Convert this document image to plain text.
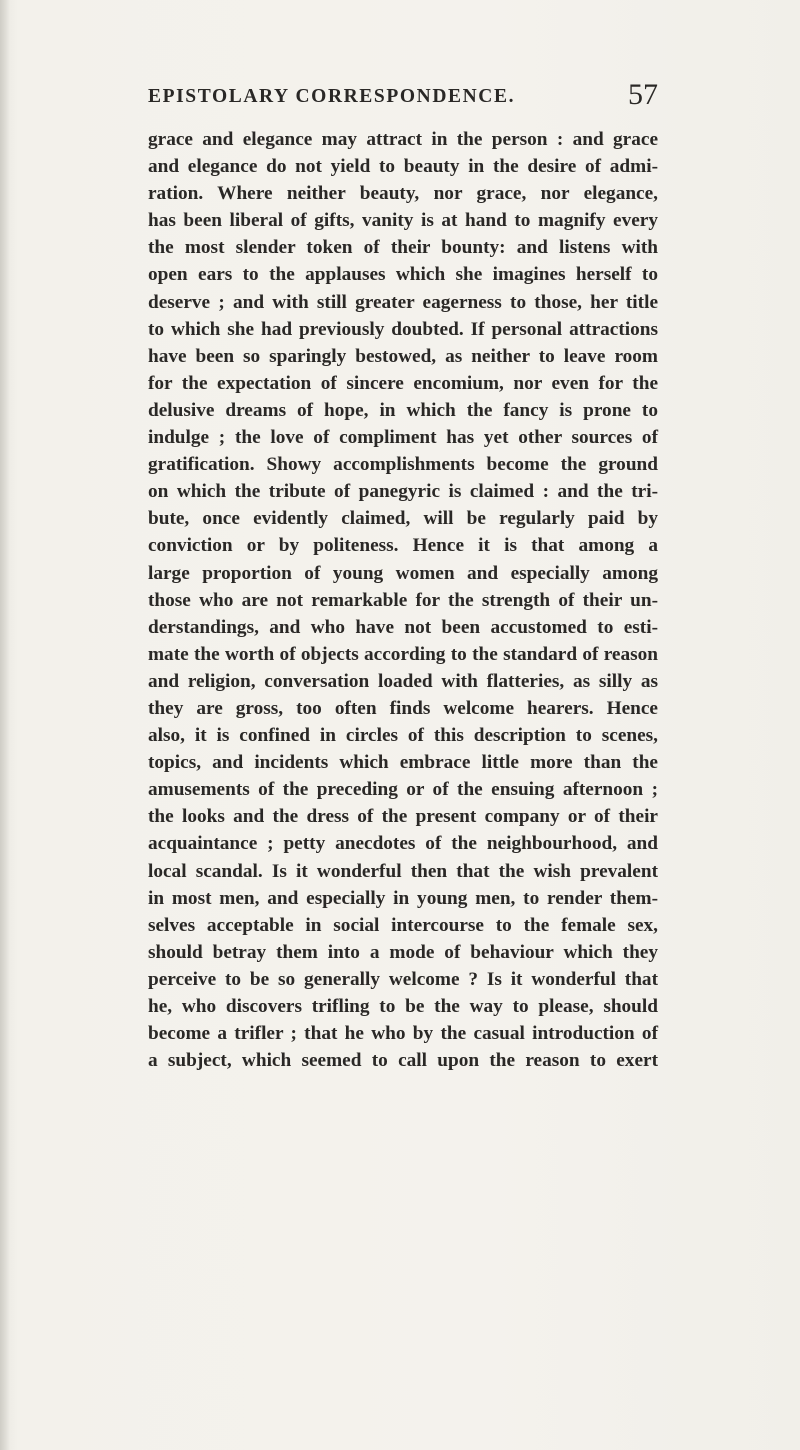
EPISTOLARY CORRESPONDENCE.	57
grace and elegance may attract in the person : and grace
and elegance do not yield to beauty in the desire of admi-
ration. Where neither beauty, nor grace, nor elegance,
has been liberal of gifts, vanity is at hand to magnify every
the most slender token of their bounty: and listens with
open ears to the applauses which she imagines herself to
deserve ; and with still greater eagerness to those, her title
to which she had previously doubted. If personal attractions
have been so sparingly bestowed, as neither to leave room
for the expectation of sincere encomium, nor even for the
delusive dreams of hope, in which the fancy is prone to
indulge ; the love of compliment has yet other sources of
gratification. Showy accomplishments become the ground
on which the tribute of panegyric is claimed : and the tri-
bute, once evidently claimed, will be regularly paid by
conviction or by politeness. Hence it is that among a
large proportion of young women and especially among
those who are not remarkable for the strength of their un-
derstandings, and who have not been accustomed to esti-
mate the worth of objects according to the standard of reason
and religion, conversation loaded with flatteries, as silly as
they are gross, too often finds welcome hearers. Hence
also, it is confined in circles of this description to scenes,
topics, and incidents which embrace little more than the
amusements of the preceding or of the ensuing afternoon ;
the looks and the dress of the present company or of their
acquaintance ; petty anecdotes of the neighbourhood, and
local scandal. Is it wonderful then that the wish prevalent
in most men, and especially in young men, to render them-
selves acceptable in social intercourse to the female sex,
should betray them into a mode of behaviour which they
perceive to be so generally welcome ? Is it wonderful that
he, who discovers trifling to be the way to please, should
become a trifler ; that he who by the casual introduction of
a subject, which seemed to call upon the reason to exert
